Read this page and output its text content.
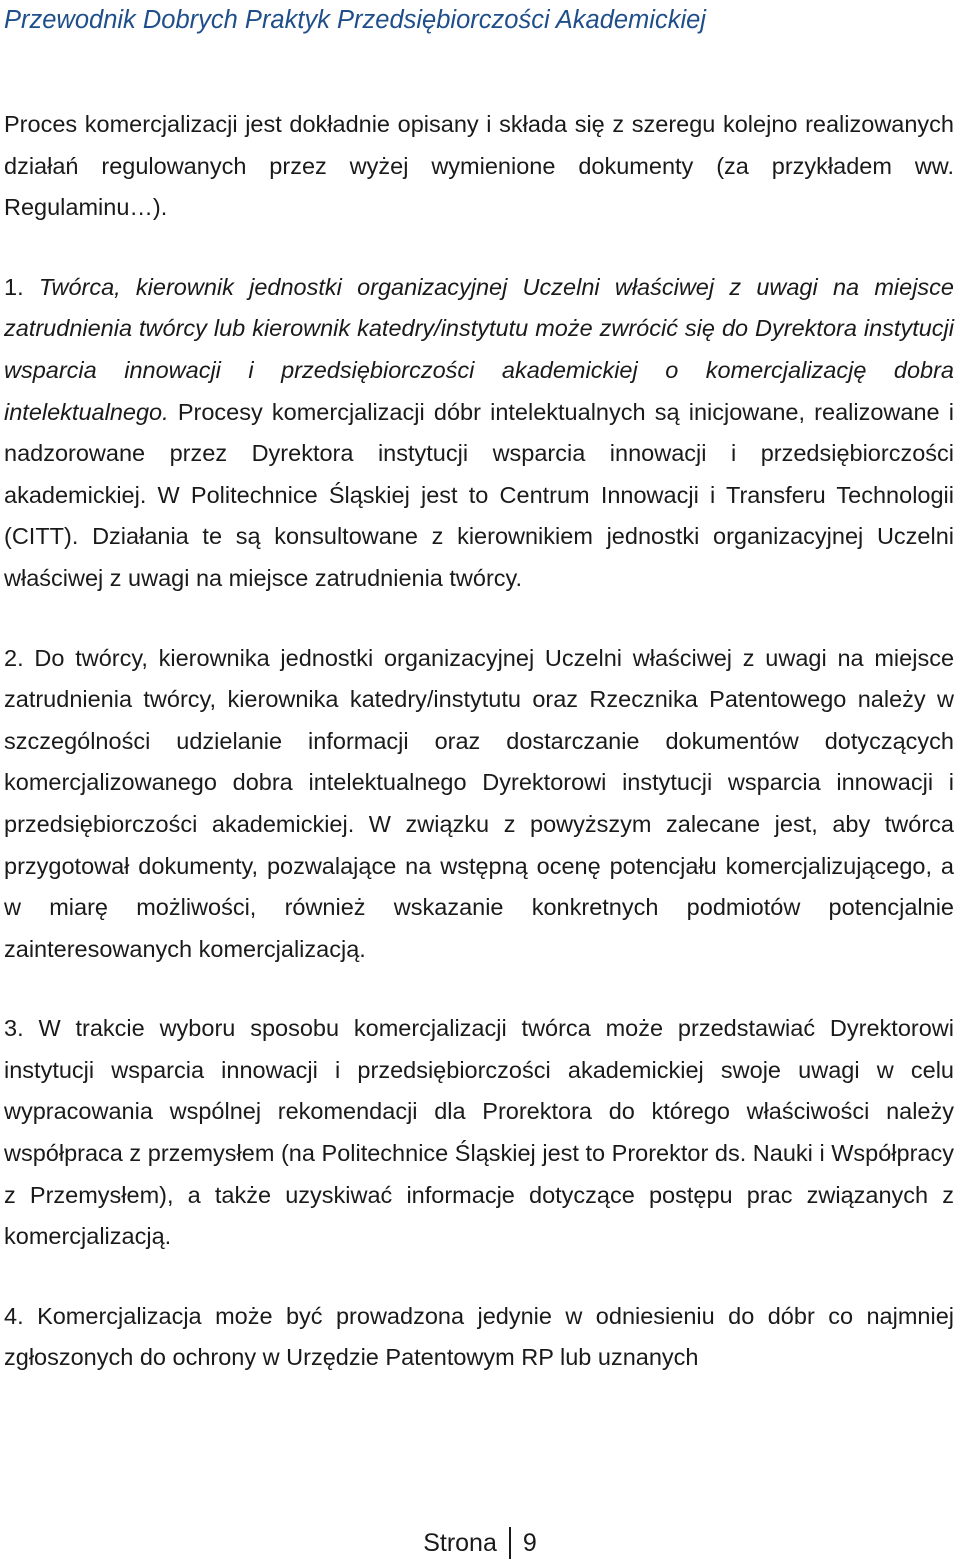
Przewodnik Dobrych Praktyk Przedsiębiorczości Akademickiej

Proces komercjalizacji jest dokładnie opisany i składa się z szeregu kolejno realizowanych działań regulowanych przez wyżej wymienione dokumenty (za przykładem ww. Regulaminu…).

1. Twórca, kierownik jednostki organizacyjnej Uczelni właściwej z uwagi na miejsce zatrudnienia twórcy lub kierownik katedry/instytutu może zwrócić się do Dyrektora instytucji wsparcia innowacji i przedsiębiorczości akademickiej o komercjalizację dobra intelektualnego. Procesy komercjalizacji dóbr intelektualnych są inicjowane, realizowane i nadzorowane przez Dyrektora instytucji wsparcia innowacji i przedsiębiorczości akademickiej. W Politechnice Śląskiej jest to Centrum Innowacji i Transferu Technologii (CITT). Działania te są konsultowane z kierownikiem jednostki organizacyjnej Uczelni właściwej z uwagi na miejsce zatrudnienia twórcy.

2. Do twórcy, kierownika jednostki organizacyjnej Uczelni właściwej z uwagi na miejsce zatrudnienia twórcy, kierownika katedry/instytutu oraz Rzecznika Patentowego należy w szczególności udzielanie informacji oraz dostarczanie dokumentów dotyczących komercjalizowanego dobra intelektualnego Dyrektorowi instytucji wsparcia innowacji i przedsiębiorczości akademickiej. W związku z powyższym zalecane jest, aby twórca przygotował dokumenty, pozwalające na wstępną ocenę potencjału komercjalizującego, a w miarę możliwości, również wskazanie konkretnych podmiotów potencjalnie zainteresowanych komercjalizacją.

3. W trakcie wyboru sposobu komercjalizacji twórca może przedstawiać Dyrektorowi instytucji wsparcia innowacji i przedsiębiorczości akademickiej swoje uwagi w celu wypracowania wspólnej rekomendacji dla Prorektora do którego właściwości należy współpraca z przemysłem (na Politechnice Śląskiej jest to Prorektor ds. Nauki i Współpracy z Przemysłem), a także uzyskiwać informacje dotyczące postępu prac związanych z komercjalizacją.

4. Komercjalizacja może być prowadzona jedynie w odniesieniu do dóbr co najmniej zgłoszonych do ochrony w Urzędzie Patentowym RP lub uznanych

Strona 9
